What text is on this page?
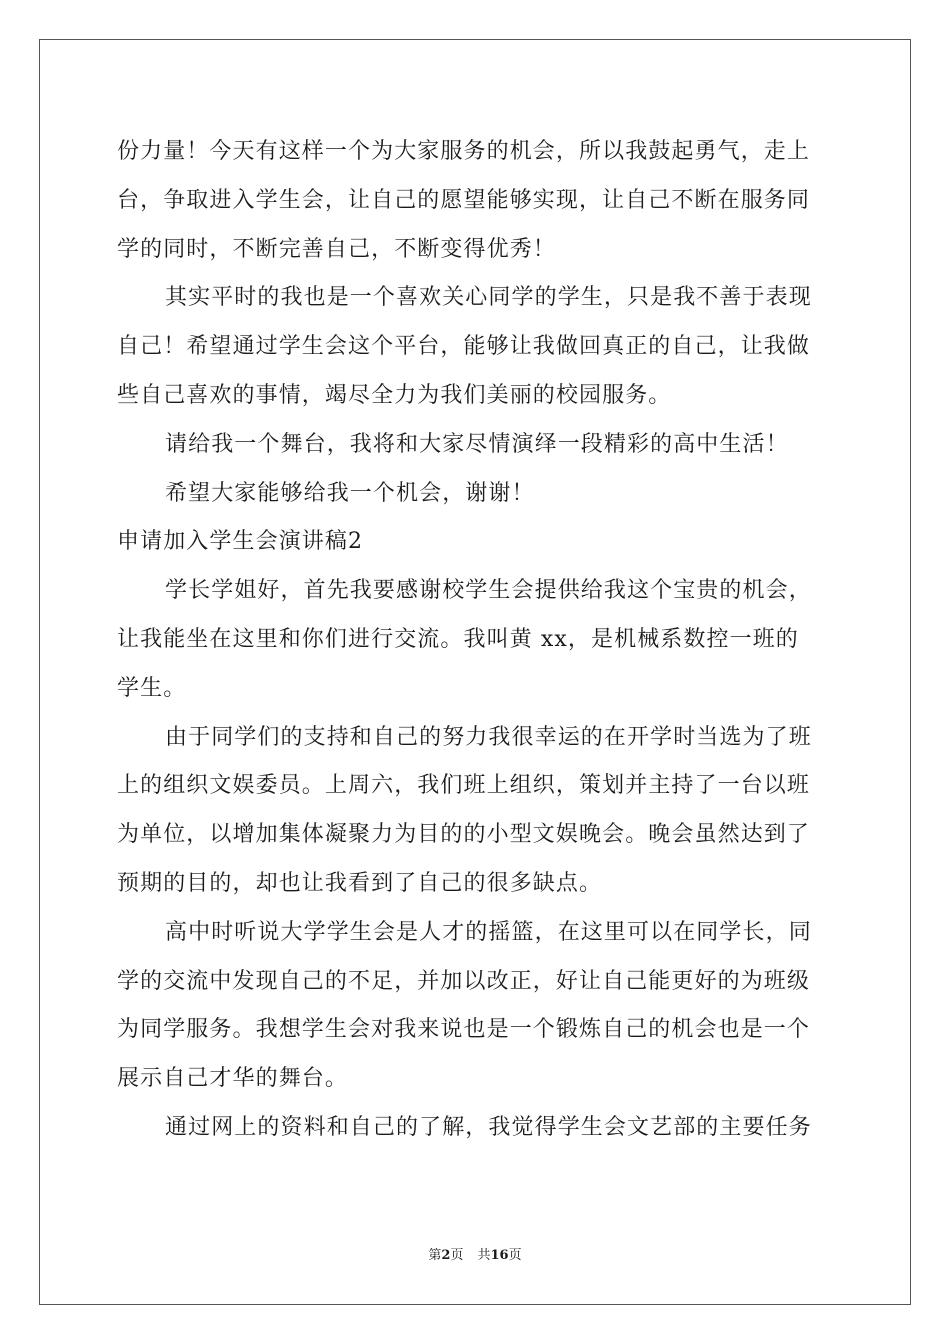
份力量！今天有这样一个为大家服务的机会，所以我鼓起勇气，走上
台，争取进入学生会，让自己的愿望能够实现，让自己不断在服务同
学的同时，不断完善自己，不断变得优秀！
其实平时的我也是一个喜欢关心同学的学生，只是我不善于表现
自己！希望通过学生会这个平台，能够让我做回真正的自己，让我做
些自己喜欢的事情，竭尽全力为我们美丽的校园服务。
请给我一个舞台，我将和大家尽情演绎一段精彩的高中生活！
希望大家能够给我一个机会，谢谢！
申请加入学生会演讲稿2
学长学姐好，首先我要感谢校学生会提供给我这个宝贵的机会，
让我能坐在这里和你们进行交流。我叫黄 xx，是机械系数控一班的
学生。
由于同学们的支持和自己的努力我很幸运的在开学时当选为了班
上的组织文娱委员。上周六，我们班上组织，策划并主持了一台以班
为单位，以增加集体凝聚力为目的的小型文娱晚会。晚会虽然达到了
预期的目的，却也让我看到了自己的很多缺点。
高中时听说大学学生会是人才的摇篮，在这里可以在同学长，同
学的交流中发现自己的不足，并加以改正，好让自己能更好的为班级
为同学服务。我想学生会对我来说也是一个锻炼自己的机会也是一个
展示自己才华的舞台。
通过网上的资料和自己的了解，我觉得学生会文艺部的主要任务
第2页 共16页
